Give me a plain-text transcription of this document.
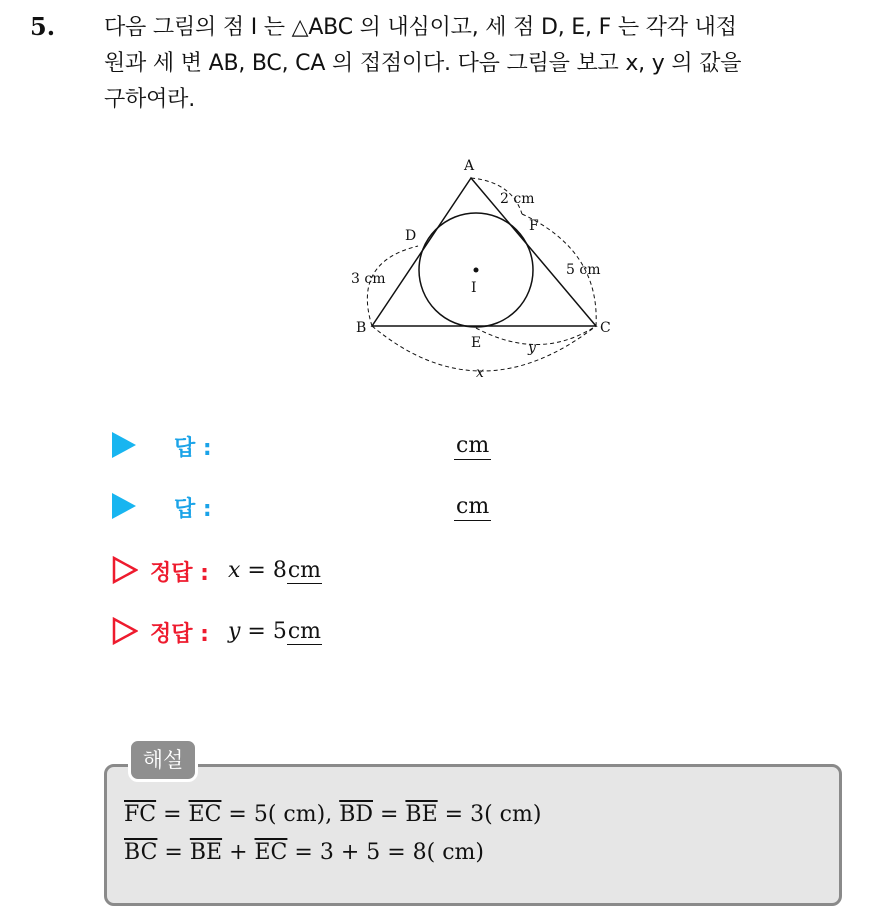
5. 다음 그림의 점 I 는 △ABC 의 내심이고, 세 점 D, E, F 는 각각 내접
원과 세 변 AB, BC, CA 의 접점이다. 다음 그림을 보고 x, y 의 값을
구하여라.
A
B	C
D
E
F
I
2 cm
3 cm
5 cm
y
x
답 :	cm
답 :	cm
정답 : x = 8cm
정답 : y = 5cm
해설
$\overline{FC} = \overline{EC} = 5$( cm), $\overline{BD} = \overline{BE} = 3$( cm)
$\overline{BC} = \overline{BE} + \overline{EC} = 3 + 5 = 8$( cm)
